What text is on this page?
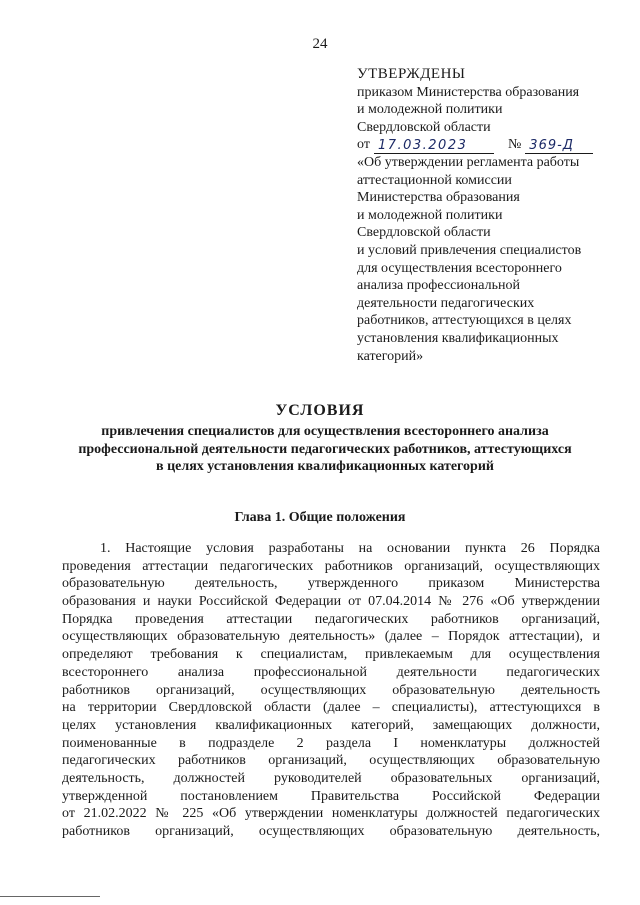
24
УТВЕРЖДЕНЫ
приказом Министерства образования
и молодежной политики
Свердловской области
от 17.03.2023	№ 369-Д
«Об утверждении регламента работы
аттестационной комиссии
Министерства образования
и молодежной политики
Свердловской области
и условий привлечения специалистов
для осуществления всестороннего
анализа профессиональной
деятельности педагогических
работников, аттестующихся в целях
установления квалификационных
категорий»
УСЛОВИЯ
привлечения специалистов для осуществления всестороннего анализа
профессиональной деятельности педагогических работников, аттестующихся
в целях установления квалификационных категорий
Глава 1. Общие положения
1. Настоящие условия разработаны на основании пункта 26 Порядка
проведения аттестации педагогических работников организаций, осуществляющих
образовательную деятельность, утвержденного приказом Министерства
образования и науки Российской Федерации от 07.04.2014 № 276 «Об утверждении
Порядка проведения аттестации педагогических работников организаций,
осуществляющих образовательную деятельность» (далее – Порядок аттестации), и
определяют требования к специалистам, привлекаемым для осуществления
всестороннего анализа профессиональной деятельности педагогических
работников организаций, осуществляющих образовательную деятельность
на территории Свердловской области (далее – специалисты), аттестующихся в
целях установления квалификационных категорий, замещающих должности,
поименованные в подразделе 2 раздела I номенклатуры должностей
педагогических работников организаций, осуществляющих образовательную
деятельность, должностей руководителей образовательных организаций,
утвержденной постановлением Правительства Российской Федерации
от 21.02.2022 № 225 «Об утверждении номенклатуры должностей педагогических
работников организаций, осуществляющих образовательную деятельность,
